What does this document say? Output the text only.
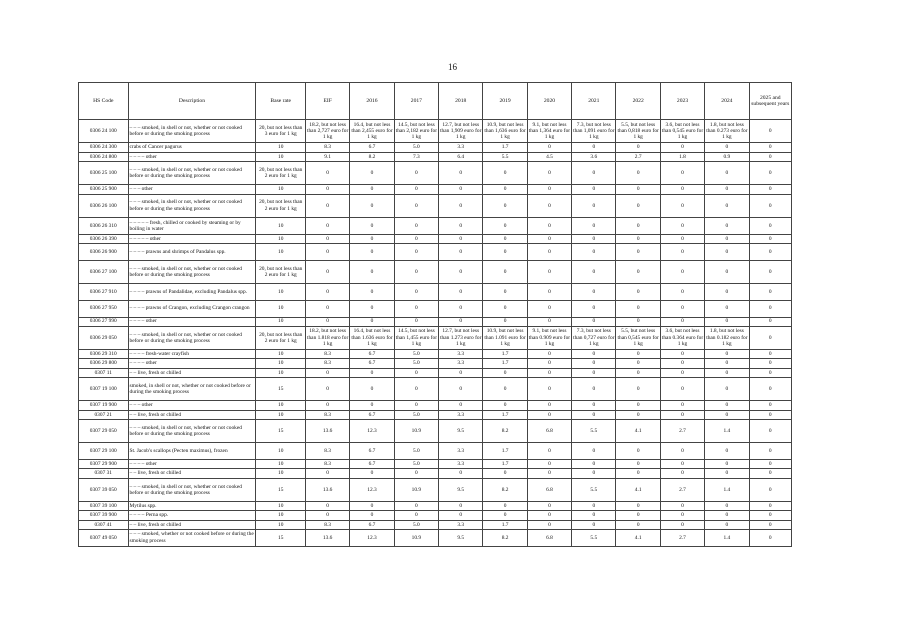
16
HS Code	Description	Base rate	EIF	2016	2017	2018	2019	2020	2021	2022	2023	2024	2025 and subsequent years
0306 24 100	– – – smoked, in shell or not, whether or not cooked before or during the smoking process	20, but not less than 3 euro for 1 kg	18.2, but not less than 2,727 euro for 1 kg	16.4, but not less than 2,455 euro for 1 kg	14.5, but not less than 2,182 euro for 1 kg	12.7, but not less than 1,909 euro for 1 kg	10.9, but not less than 1,636 euro for 1 kg	9.1, but not less than 1,364 euro for 1 kg	7.3, but not less than 1,091 euro for 1 kg	5.5, but not less than 0,818 euro for 1 kg	3.6, but not less than 0,545 euro for 1 kg	1.8, but not less than 0.273 euro for 1 kg	0
0306 24 300	crabs of Cancer pagurus	10	8.3	6.7	5.0	3.3	1.7	0	0	0	0	0	0
0306 24 800	– – – – other	10	9.1	8.2	7.3	6.4	5.5	4.5	3.6	2.7	1.8	0.9	0
0306 25 100	– – – smoked, in shell or not, whether or not cooked before or during the smoking process	20, but not less than 2 euro for 1 kg	0	0	0	0	0	0	0	0	0	0	0
0306 25 900	– – – other	10	0	0	0	0	0	0	0	0	0	0	0
0306 26 100	– – – smoked, in shell or not, whether or not cooked before or during the smoking process	20, but not less than 2 euro for 1 kg	0	0	0	0	0	0	0	0	0	0	0
0306 26 310	– – – – – fresh, chilled or cooked by steaming or by boiling in water	10	0	0	0	0	0	0	0	0	0	0	0
0306 26 390	– – – – – other	10	0	0	0	0	0	0	0	0	0	0	0
0306 26 900	– – – – prawns and shrimps of Pandalus spp.	10	0	0	0	0	0	0	0	0	0	0	0
0306 27 100	– – – smoked, in shell or not, whether or not cooked before or during the smoking process	20, but not less than 2 euro for 1 kg	0	0	0	0	0	0	0	0	0	0	0
0306 27 910	– – – – prawns of Pandalidae, excluding Pandalus spp.	10	0	0	0	0	0	0	0	0	0	0	0
0306 27 950	– – – – prawns of Crangon, excluding Crangon crangon	10	0	0	0	0	0	0	0	0	0	0	0
0306 27 990	– – – – other	10	0	0	0	0	0	0	0	0	0	0	0
0306 29 050	– – – smoked, in shell or not, whether or not cooked before or during the smoking process	20, but not less than 2 euro for 1 kg	18.2, but not less than 1.818 euro for 1 kg	16.4, but not less than 1.636 euro for 1 kg	14.5, but not less than 1,455 euro for 1 kg	12.7, but not less than 1.273 euro for 1 kg	10.9, but not less than 1.091 euro for 1 kg	9.1, but not less than 0.909 euro for 1 kg	7.3, but not less than 0,727 euro for 1 kg	5.5, but not less than 0,545 euro for 1 kg	3.6, but not less than 0.364 euro for 1 kg	1.8, but not less than 0.182 euro for 1 kg	0
0306 29 310	– – – – fresh-water crayfish	10	8.3	6.7	5.0	3.3	1.7	0	0	0	0	0	0
0306 29 800	– – – – other	10	8.3	6.7	5.0	3.3	1.7	0	0	0	0	0	0
0307 11	– – live, fresh or chilled	10	0	0	0	0	0	0	0	0	0	0	0
0307 19 100	smoked, in shell or not, whether or not cooked before or during the smoking process	15	0	0	0	0	0	0	0	0	0	0	0
0307 19 900	– – – other	10	0	0	0	0	0	0	0	0	0	0	0
0307 21	– – live, fresh or chilled	10	8.3	6.7	5.0	3.3	1.7	0	0	0	0	0	0
0307 29 050	– – – smoked, in shell or not, whether or not cooked before or during the smoking process	15	13.6	12.3	10.9	9.5	8.2	6.8	5.5	4.1	2.7	1.4	0
0307 29 100	St. Jacob's scallops (Pecten maximus), frozen	10	8.3	6.7	5.0	3.3	1.7	0	0	0	0	0	0
0307 29 900	– – – – other	10	8.3	6.7	5.0	3.3	1.7	0	0	0	0	0	0
0307 31	– – live, fresh or chilled	10	0	0	0	0	0	0	0	0	0	0	0
0307 39 050	– – – smoked, in shell or not, whether or not cooked before or during the smoking process	15	13.6	12.3	10.9	9.5	8.2	6.8	5.5	4.1	2.7	1.4	0
0307 39 100	Mytilus spp.	10	0	0	0	0	0	0	0	0	0	0	0
0307 39 900	– – – – Perna spp.	10	0	0	0	0	0	0	0	0	0	0	0
0307 41	– – live, fresh or chilled	10	8.3	6.7	5.0	3.3	1.7	0	0	0	0	0	0
0307 49 050	– – – smoked, whether or not cooked before or during the smoking process	15	13.6	12.3	10.9	9.5	8.2	6.8	5.5	4.1	2.7	1.4	0
